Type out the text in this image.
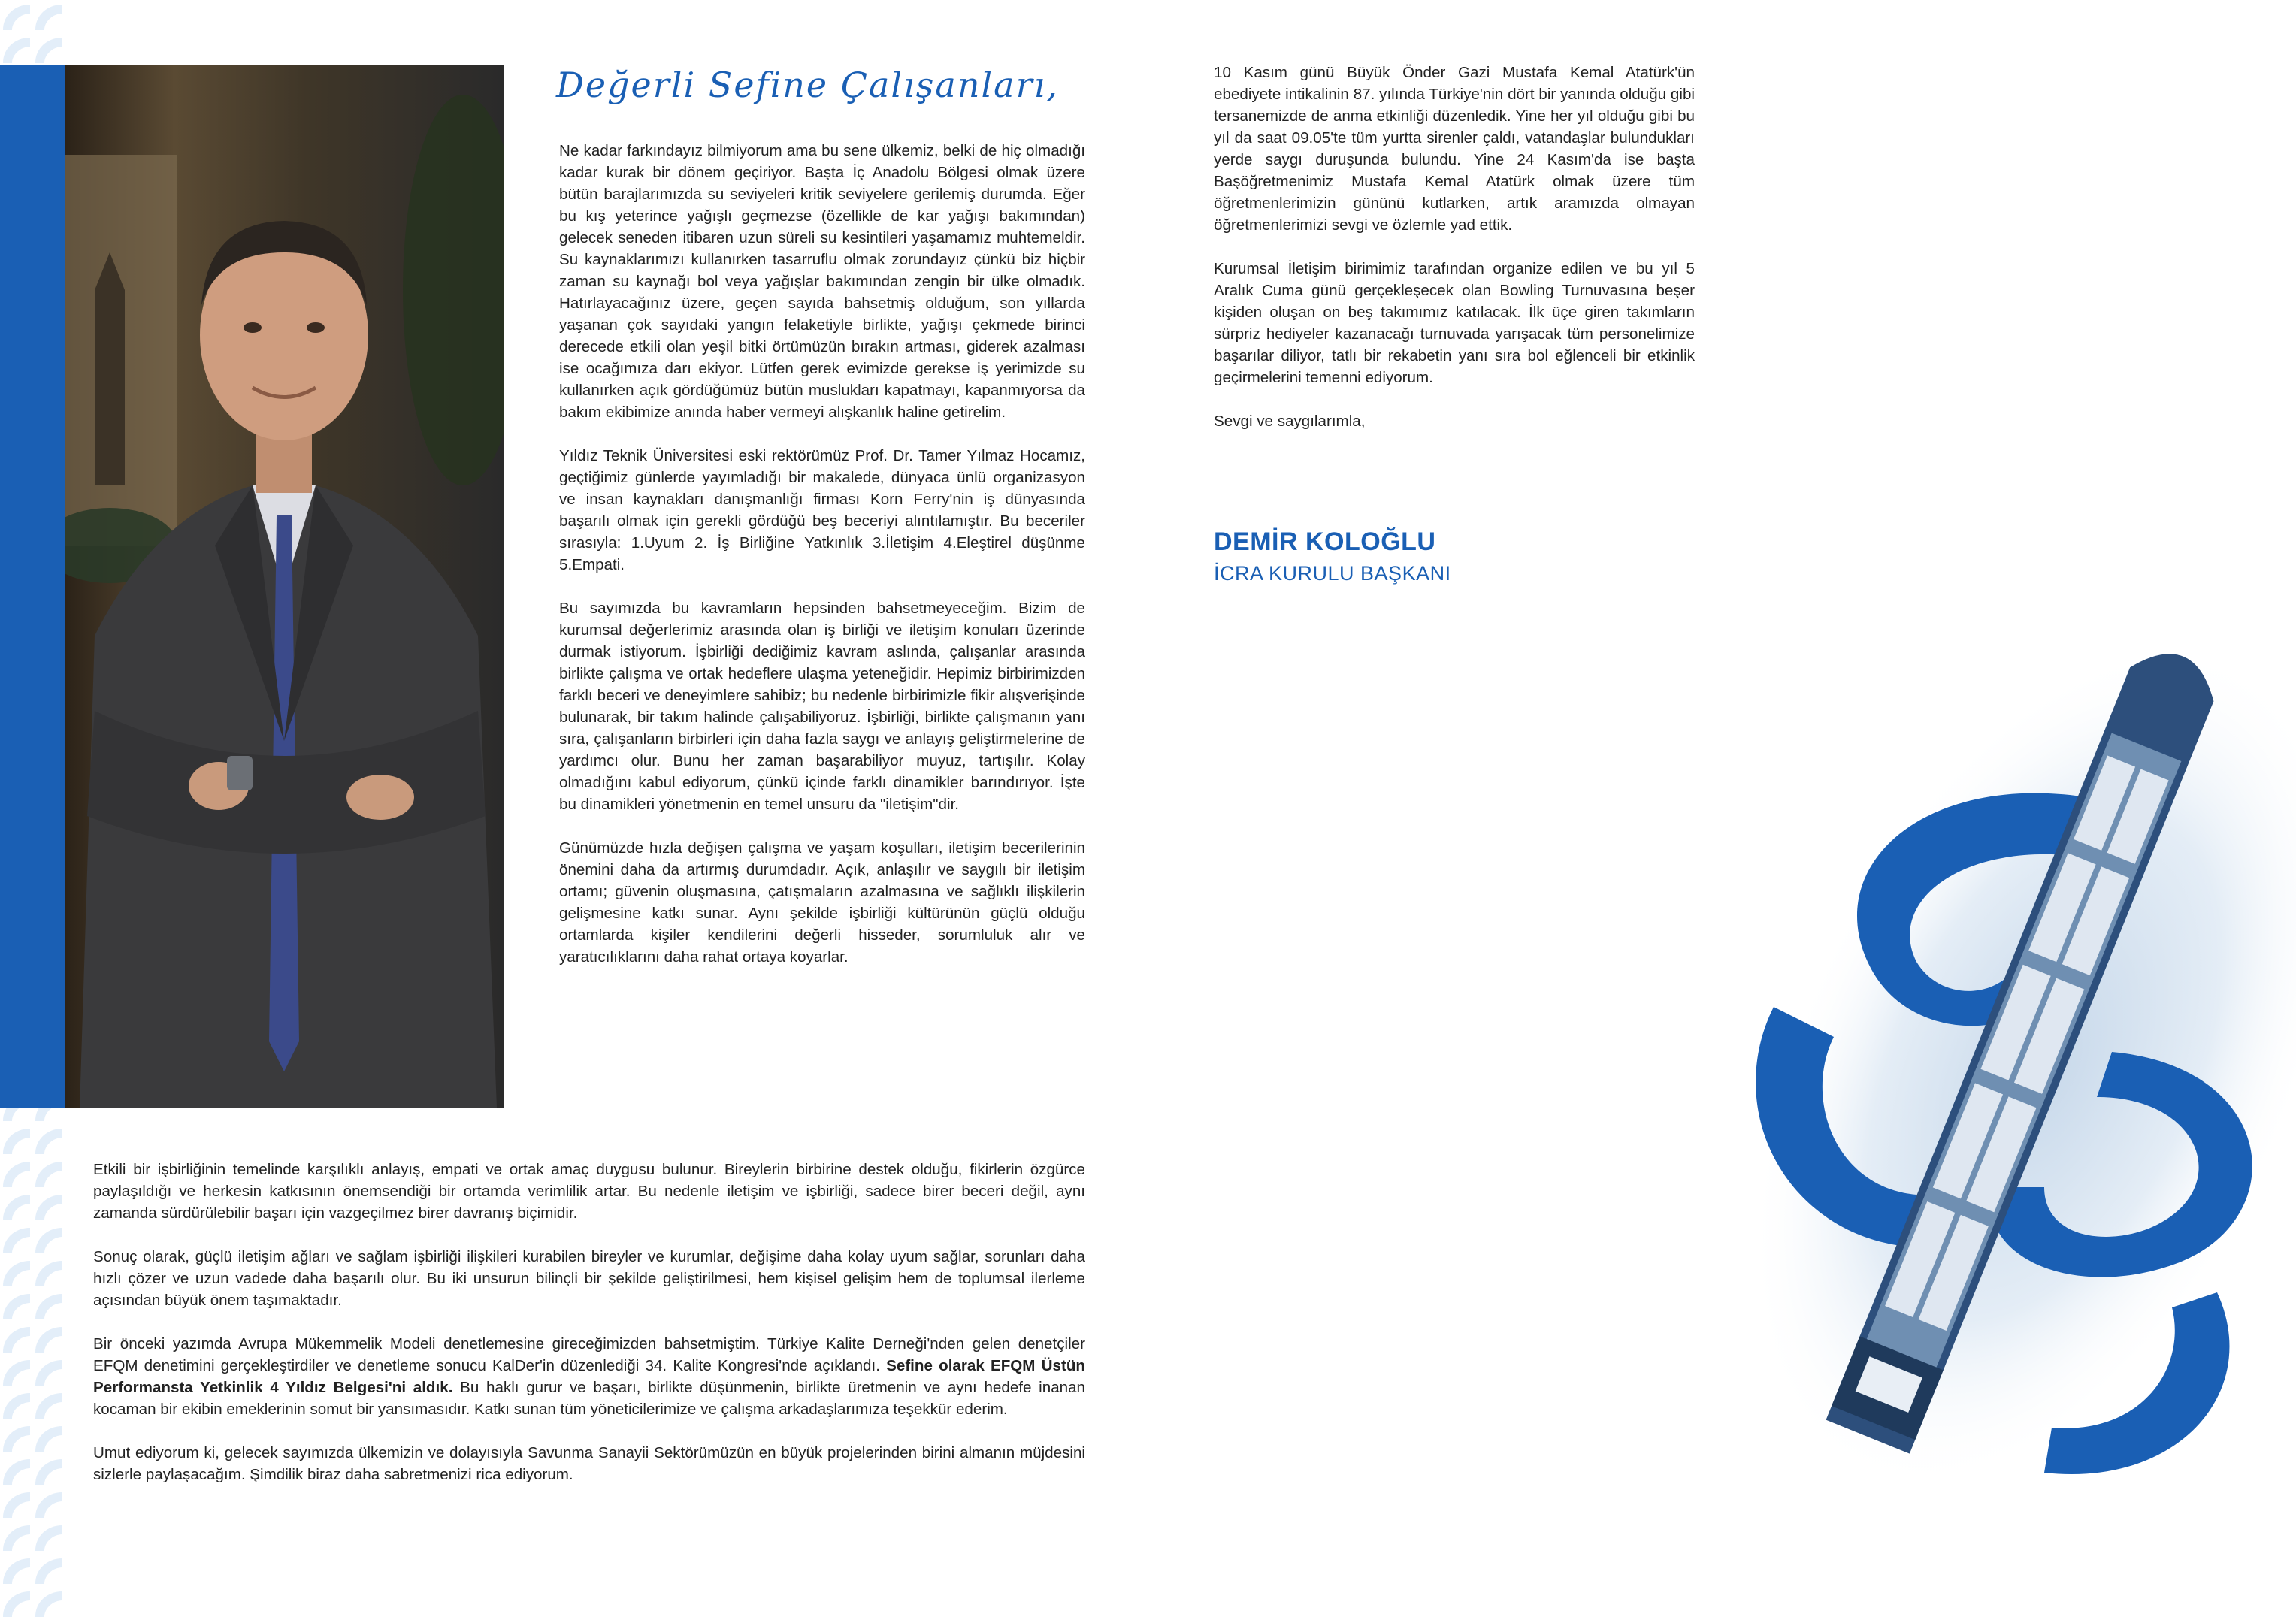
Değerli Sefine Çalışanları,

Ne kadar farkındayız bilmiyorum ama bu sene ülkemiz, belki de hiç olmadığı kadar kurak bir dönem geçiriyor. Başta İç Anadolu Bölgesi olmak üzere bütün barajlarımızda su seviyeleri kritik seviyelere gerilemiş durumda. Eğer bu kış yeterince yağışlı geçmezse (özellikle de kar yağışı bakımından) gelecek seneden itibaren uzun süreli su kesintileri yaşamamız muhtemeldir. Su kaynaklarımızı kullanırken tasarruflu olmak zorundayız çünkü biz hiçbir zaman su kaynağı bol veya yağışlar bakımından zengin bir ülke olmadık. Hatırlayacağınız üzere, geçen sayıda bahsetmiş olduğum, son yıllarda yaşanan çok sayıdaki yangın felaketiyle birlikte, yağışı çekmede birinci derecede etkili olan yeşil bitki örtümüzün bırakın artması, giderek azalması ise ocağımıza darı ekiyor. Lütfen gerek evimizde gerekse iş yerimizde su kullanırken açık gördüğümüz bütün muslukları kapatmayı, kapanmıyorsa da bakım ekibimize anında haber vermeyi alışkanlık haline getirelim.

Yıldız Teknik Üniversitesi eski rektörümüz Prof. Dr. Tamer Yılmaz Hocamız, geçtiğimiz günlerde yayımladığı bir makalede, dünyaca ünlü organizasyon ve insan kaynakları danışmanlığı firması Korn Ferry'nin iş dünyasında başarılı olmak için gerekli gördüğü beş beceriyi alıntılamıştır. Bu beceriler sırasıyla: 1.Uyum 2. İş Birliğine Yatkınlık 3.İletişim 4.Eleştirel düşünme 5.Empati.

Bu sayımızda bu kavramların hepsinden bahsetmeyeceğim. Bizim de kurumsal değerlerimiz arasında olan iş birliği ve iletişim konuları üzerinde durmak istiyorum. İşbirliği dediğimiz kavram aslında, çalışanlar arasında birlikte çalışma ve ortak hedeflere ulaşma yeteneğidir. Hepimiz birbirimizden farklı beceri ve deneyimlere sahibiz; bu nedenle birbirimizle fikir alışverişinde bulunarak, bir takım halinde çalışabiliyoruz. İşbirliği, birlikte çalışmanın yanı sıra, çalışanların birbirleri için daha fazla saygı ve anlayış geliştirmelerine de yardımcı olur. Bunu her zaman başarabiliyor muyuz, tartışılır. Kolay olmadığını kabul ediyorum, çünkü içinde farklı dinamikler barındırıyor. İşte bu dinamikleri yönetmenin en temel unsuru da "iletişim"dir.

Günümüzde hızla değişen çalışma ve yaşam koşulları, iletişim becerilerinin önemini daha da artırmış durumdadır. Açık, anlaşılır ve saygılı bir iletişim ortamı; güvenin oluşmasına, çatışmaların azalmasına ve sağlıklı ilişkilerin gelişmesine katkı sunar. Aynı şekilde işbirliği kültürünün güçlü olduğu ortamlarda kişiler kendilerini değerli hisseder, sorumluluk alır ve yaratıcılıklarını daha rahat ortaya koyarlar.

Etkili bir işbirliğinin temelinde karşılıklı anlayış, empati ve ortak amaç duygusu bulunur. Bireylerin birbirine destek olduğu, fikirlerin özgürce paylaşıldığı ve herkesin katkısının önemsendiği bir ortamda verimlilik artar. Bu nedenle iletişim ve işbirliği, sadece birer beceri değil, aynı zamanda sürdürülebilir başarı için vazgeçilmez birer davranış biçimidir.

Sonuç olarak, güçlü iletişim ağları ve sağlam işbirliği ilişkileri kurabilen bireyler ve kurumlar, değişime daha kolay uyum sağlar, sorunları daha hızlı çözer ve uzun vadede daha başarılı olur. Bu iki unsurun bilinçli bir şekilde geliştirilmesi, hem kişisel gelişim hem de toplumsal ilerleme açısından büyük önem taşımaktadır.

Bir önceki yazımda Avrupa Mükemmelik Modeli denetlemesine gireceğimizden bahsetmiştim. Türkiye Kalite Derneği'nden gelen denetçiler EFQM denetimini gerçekleştirdiler ve denetleme sonucu KalDer'in düzenlediği 34. Kalite Kongresi'nde açıklandı. Sefine olarak EFQM Üstün Performansta Yetkinlik 4 Yıldız Belgesi'ni aldık. Bu haklı gurur ve başarı, birlikte düşünmenin, birlikte üretmenin ve aynı hedefe inanan kocaman bir ekibin emeklerinin somut bir yansımasıdır. Katkı sunan tüm yöneticilerimize ve çalışma arkadaşlarımıza teşekkür ederim.

Umut ediyorum ki, gelecek sayımızda ülkemizin ve dolayısıyla Savunma Sanayii Sektörümüzün en büyük projelerinden birini almanın müjdesini sizlerle paylaşacağım. Şimdilik biraz daha sabretmenizi rica ediyorum.

10 Kasım günü Büyük Önder Gazi Mustafa Kemal Atatürk'ün ebediyete intikalinin 87. yılında Türkiye'nin dört bir yanında olduğu gibi tersanemizde de anma etkinliği düzenledik. Yine her yıl olduğu gibi bu yıl da saat 09.05'te tüm yurtta sirenler çaldı, vatandaşlar bulundukları yerde saygı duruşunda bulundu. Yine 24 Kasım'da ise başta Başöğretmenimiz Mustafa Kemal Atatürk olmak üzere tüm öğretmenlerimizin gününü kutlarken, artık aramızda olmayan öğretmenlerimizi sevgi ve özlemle yad ettik.

Kurumsal İletişim birimimiz tarafından organize edilen ve bu yıl 5 Aralık Cuma günü gerçekleşecek olan Bowling Turnuvasına beşer kişiden oluşan on beş takımımız katılacak. İlk üçe giren takımların sürpriz hediyeler kazanacağı turnuvada yarışacak tüm personelimize başarılar diliyor, tatlı bir rekabetin yanı sıra bol eğlenceli bir etkinlik geçirmelerini temenni ediyorum.

Sevgi ve saygılarımla,

DEMİR KOLOĞLU
İCRA KURULU BAŞKANI
